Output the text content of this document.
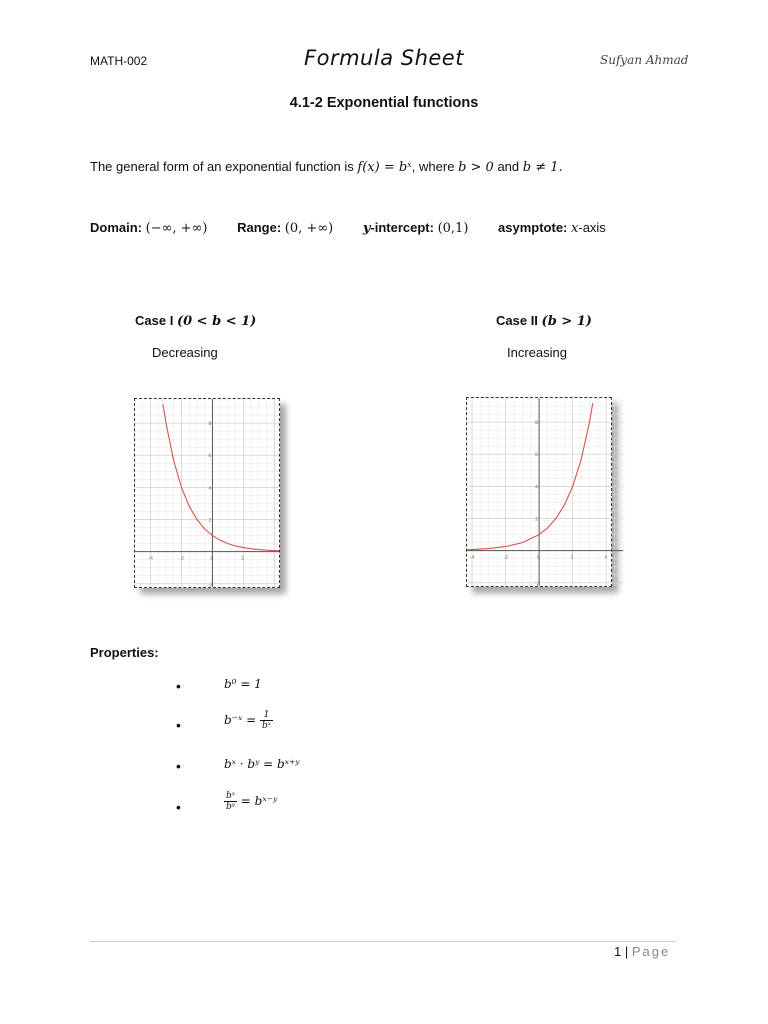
MATH-002	Formula Sheet	Sufyan Ahmad
4.1-2 Exponential functions
The general form of an exponential function is f(x) = bˣ, where b > 0 and b ≠ 1.
Domain: (−∞, +∞) Range: (0, +∞) y-intercept: (0,1) asymptote: x-axis
Case I (0 < b < 1)
Decreasing
Case II (b > 1)
Increasing
-4	-2	0	2
8
6
4
2
-2
-4	-2	0	2	4
8
6
4
2
-2
Properties:
•	b⁰ = 1
•	b⁻ˣ = $\frac{1}{\text{bˣ}}$
•	bˣ · bʸ = bˣ⁺ʸ
•	$\frac{\text{bˣ}}{\text{bʸ}}$ = bˣ⁻ʸ
1 | Page
